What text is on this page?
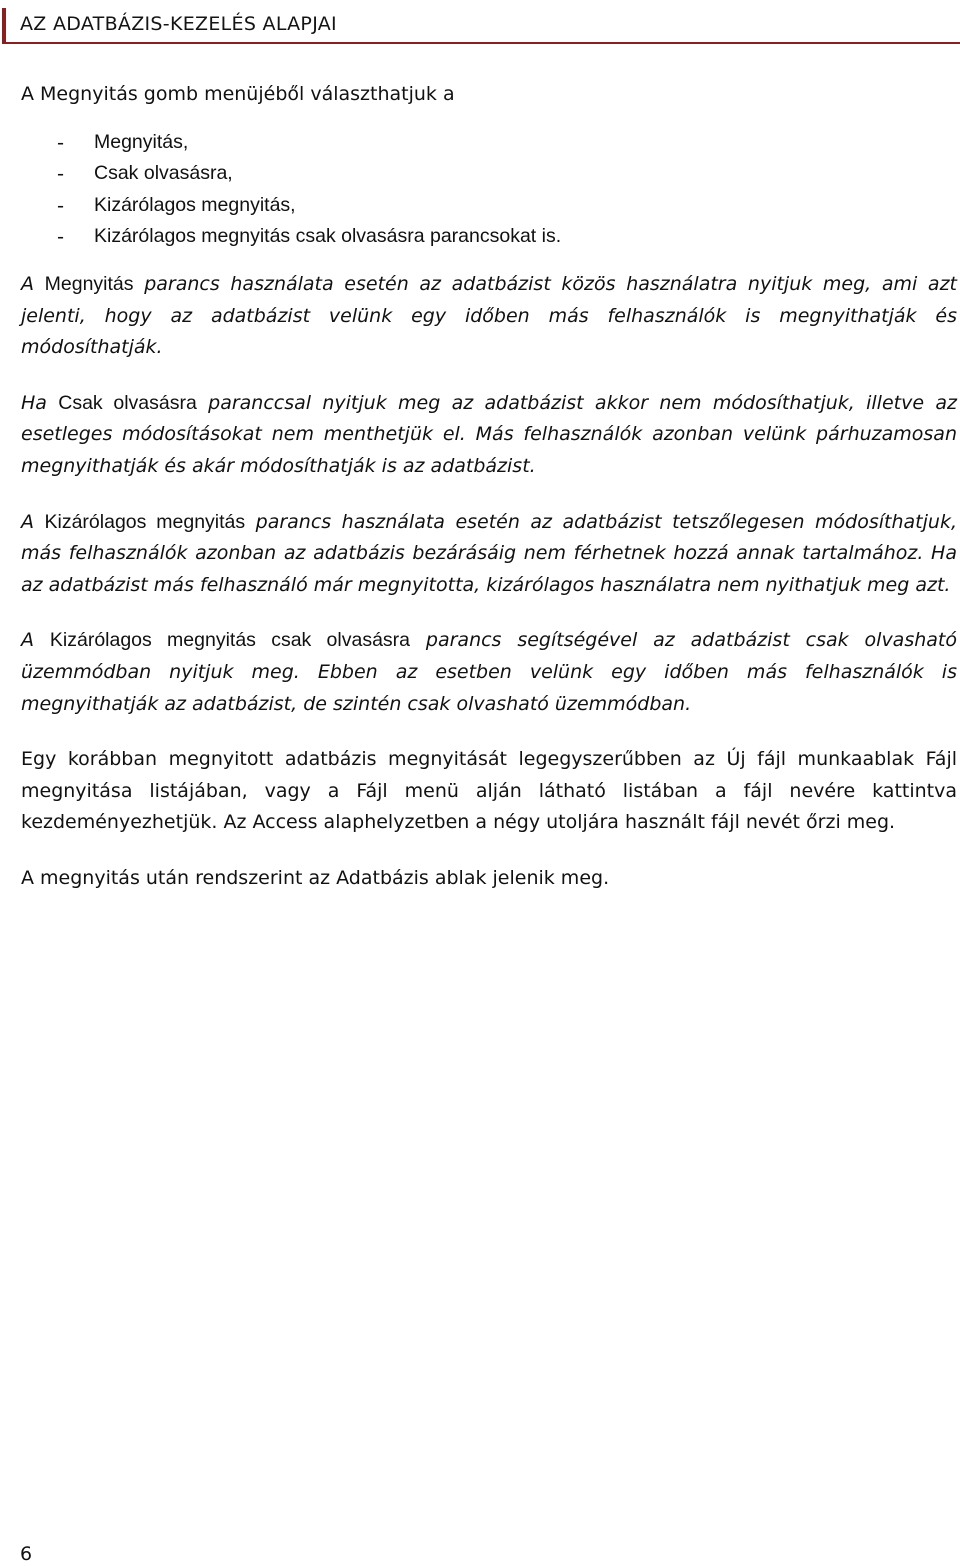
AZ ADATBÁZIS-KEZELÉS ALAPJAI

A Megnyitás gomb menüjéből választhatjuk a

- Megnyitás,
- Csak olvasásra,
- Kizárólagos megnyitás,
- Kizárólagos megnyitás csak olvasásra parancsokat is.

A Megnyitás parancs használata esetén az adatbázist közös használatra nyitjuk meg, ami azt jelenti, hogy az adatbázist velünk egy időben más felhasználók is megnyithatják és módosíthatják.

Ha Csak olvasásra paranccsal nyitjuk meg az adatbázist akkor nem módosíthatjuk, illetve az esetleges módosításokat nem menthetjük el. Más felhasználók azonban velünk párhuzamosan megnyithatják és akár módosíthatják is az adatbázist.

A Kizárólagos megnyitás parancs használata esetén az adatbázist tetszőlegesen módosíthatjuk, más felhasználók azonban az adatbázis bezárásáig nem férhetnek hozzá annak tartalmához. Ha az adatbázist más felhasználó már megnyitotta, kizárólagos használatra nem nyithatjuk meg azt.

A Kizárólagos megnyitás csak olvasásra parancs segítségével az adatbázist csak olvasható üzemmódban nyitjuk meg. Ebben az esetben velünk egy időben más felhasználók is megnyithatják az adatbázist, de szintén csak olvasható üzemmódban.

Egy korábban megnyitott adatbázis megnyitását legegyszerűbben az Új fájl munkaablak Fájl megnyitása listájában, vagy a Fájl menü alján látható listában a fájl nevére kattintva kezdeményezhetjük. Az Access alaphelyzetben a négy utoljára használt fájl nevét őrzi meg.

A megnyitás után rendszerint az Adatbázis ablak jelenik meg.

6
